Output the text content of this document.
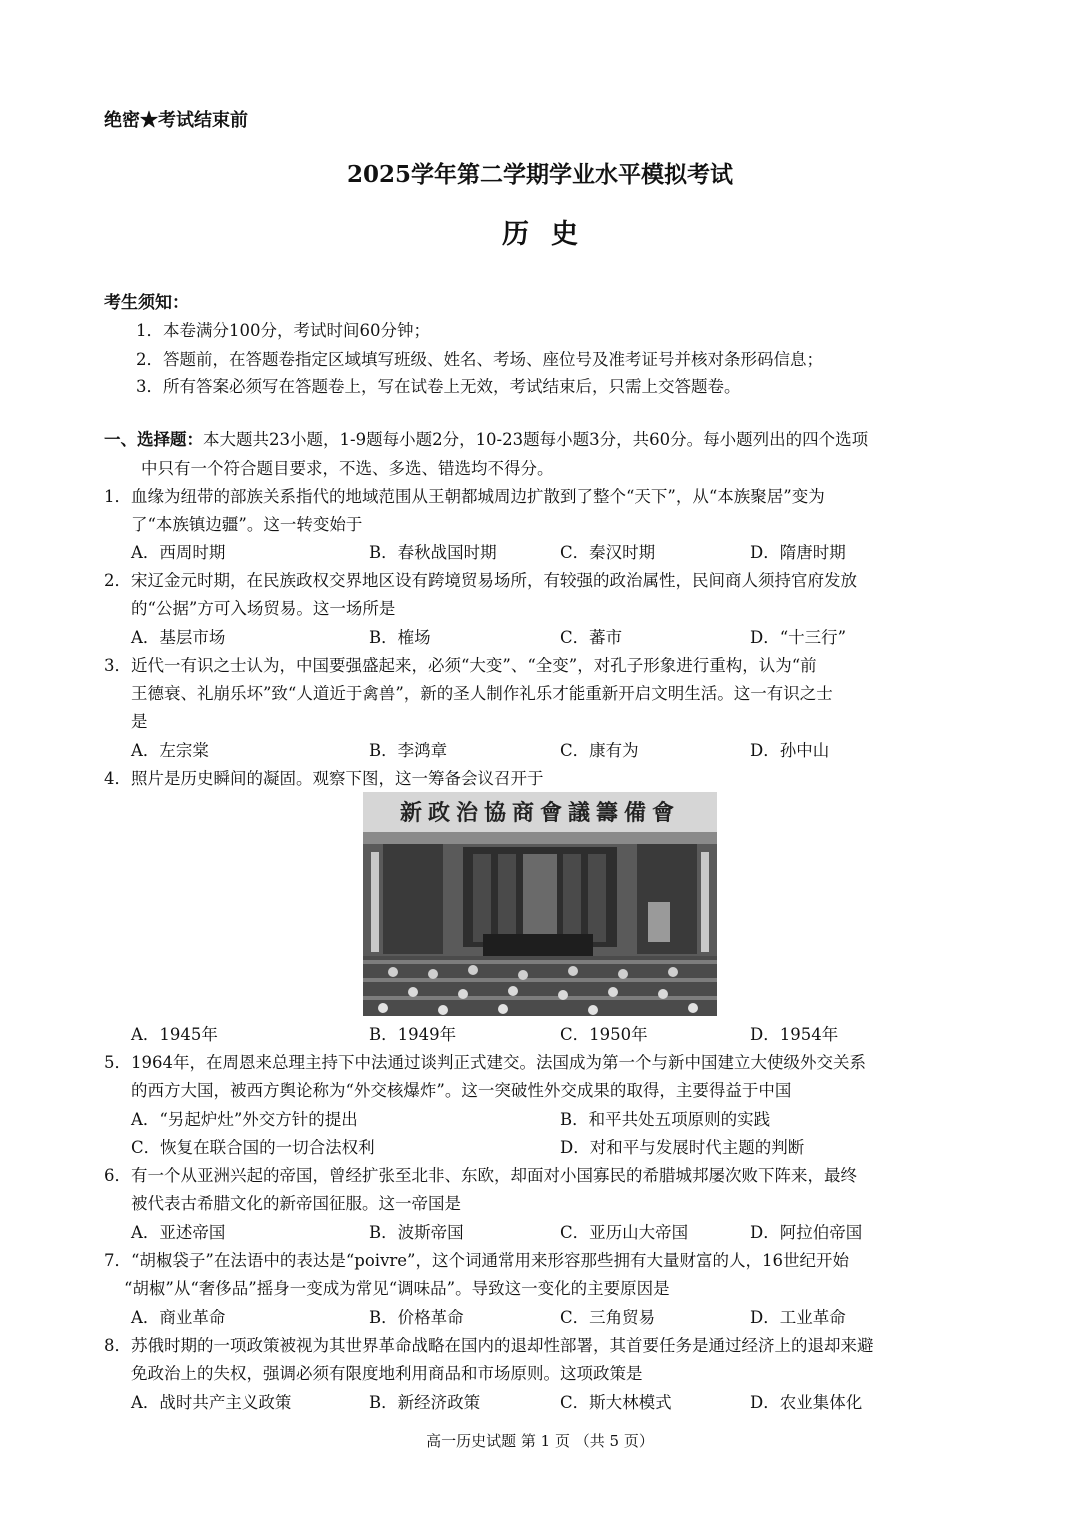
绝密★考试结束前
2025学年第二学期学业水平模拟考试
历史
考生须知：
1．本卷满分100分，考试时间60分钟；
2．答题前，在答题卷指定区域填写班级、姓名、考场、座位号及准考证号并核对条形码信息；
3．所有答案必须写在答题卷上，写在试卷上无效，考试结束后，只需上交答题卷。
一、选择题：本大题共23小题，1-9题每小题2分，10-23题每小题3分，共60分。每小题列出的四个选项
中只有一个符合题目要求，不选、多选、错选均不得分。
1．血缘为纽带的部族关系指代的地域范围从王朝都城周边扩散到了整个“天下”，从“本族聚居”变为
了“本族镇边疆”。这一转变始于
A．西周时期	B．春秋战国时期	C．秦汉时期	D．隋唐时期
2．宋辽金元时期，在民族政权交界地区设有跨境贸易场所，有较强的政治属性，民间商人须持官府发放
的“公据”方可入场贸易。这一场所是
A．基层市场	B．榷场	C．蕃市	D．“十三行”
3．近代一有识之士认为，中国要强盛起来，必须“大变”、“全变”，对孔子形象进行重构，认为“前
王德衰、礼崩乐坏”致“人道近于禽兽”，新的圣人制作礼乐才能重新开启文明生活。这一有识之士
是
A．左宗棠	B．李鸿章	C．康有为	D．孙中山
4．照片是历史瞬间的凝固。观察下图，这一筹备会议召开于
新政治協商會議籌備會
A．1945年	B．1949年	C．1950年	D．1954年
5．1964年，在周恩来总理主持下中法通过谈判正式建交。法国成为第一个与新中国建立大使级外交关系
的西方大国，被西方舆论称为“外交核爆炸”。这一突破性外交成果的取得，主要得益于中国
A．“另起炉灶”外交方针的提出	B．和平共处五项原则的实践
C．恢复在联合国的一切合法权利	D．对和平与发展时代主题的判断
6．有一个从亚洲兴起的帝国，曾经扩张至北非、东欧，却面对小国寡民的希腊城邦屡次败下阵来，最终
被代表古希腊文化的新帝国征服。这一帝国是
A．亚述帝国	B．波斯帝国	C．亚历山大帝国	D．阿拉伯帝国
7．“胡椒袋子”在法语中的表达是“poivre”，这个词通常用来形容那些拥有大量财富的人，16世纪开始
“胡椒”从“奢侈品”摇身一变成为常见“调味品”。导致这一变化的主要原因是
A．商业革命	B．价格革命	C．三角贸易	D．工业革命
8．苏俄时期的一项政策被视为其世界革命战略在国内的退却性部署，其首要任务是通过经济上的退却来避
免政治上的失权，强调必须有限度地利用商品和市场原则。这项政策是
A．战时共产主义政策	B．新经济政策	C．斯大林模式	D．农业集体化
高一历史试题 第 1 页 （共 5 页）
